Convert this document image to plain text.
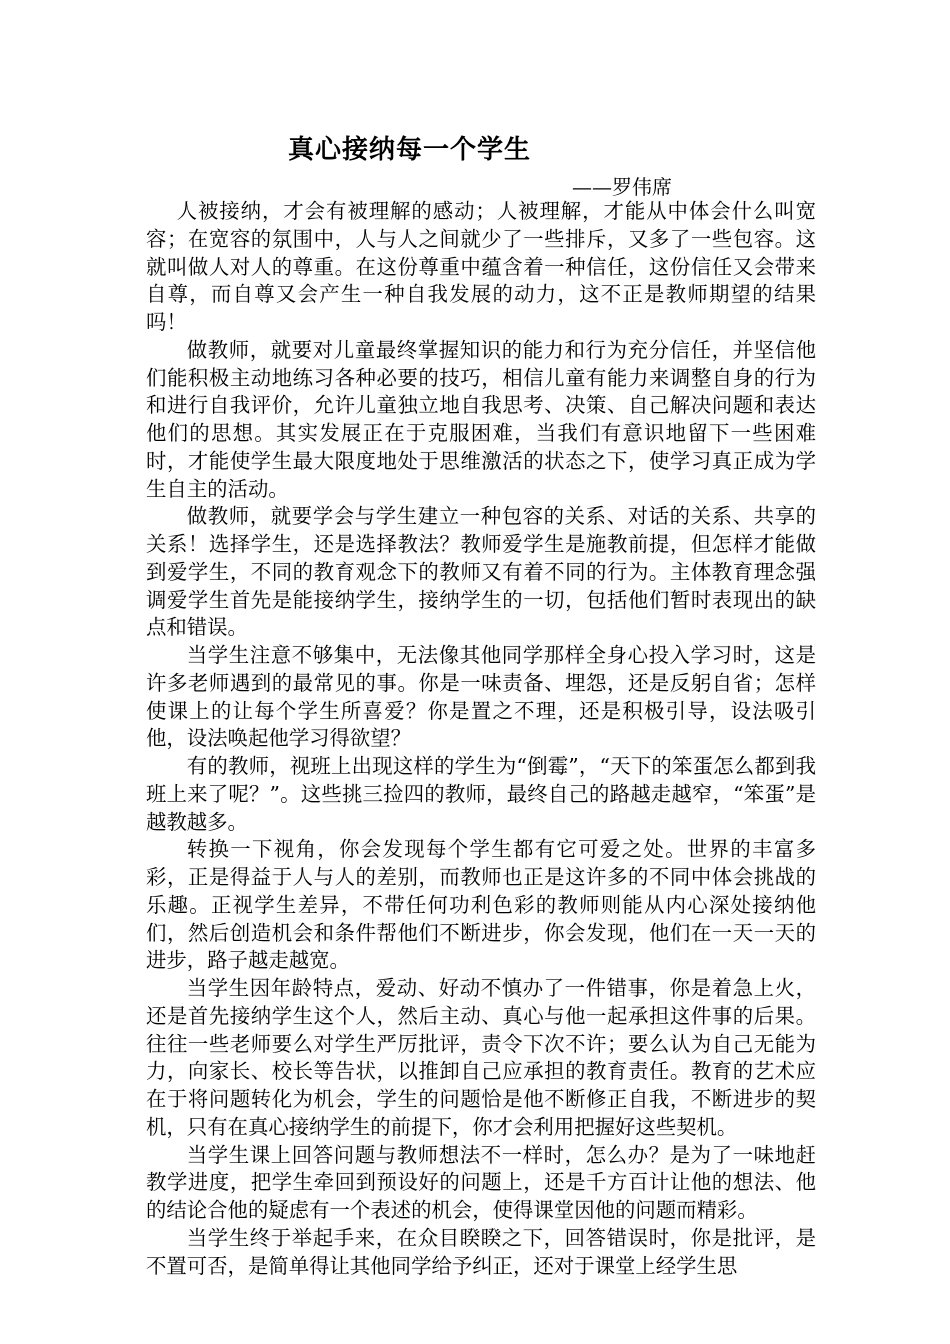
真心接纳每一个学生
——罗伟席

人被接纳，才会有被理解的感动；人被理解，才能从中体会什么叫宽容；在宽容的氛围中，人与人之间就少了一些排斥，又多了一些包容。这就叫做人对人的尊重。在这份尊重中蕴含着一种信任，这份信任又会带来自尊，而自尊又会产生一种自我发展的动力，这不正是教师期望的结果吗！

做教师，就要对儿童最终掌握知识的能力和行为充分信任，并坚信他们能积极主动地练习各种必要的技巧，相信儿童有能力来调整自身的行为和进行自我评价，允许儿童独立地自我思考、决策、自己解决问题和表达他们的思想。其实发展正在于克服困难，当我们有意识地留下一些困难时，才能使学生最大限度地处于思维激活的状态之下，使学习真正成为学生自主的活动。

做教师，就要学会与学生建立一种包容的关系、对话的关系、共享的关系！选择学生，还是选择教法？教师爱学生是施教前提，但怎样才能做到爱学生，不同的教育观念下的教师又有着不同的行为。主体教育理念强调爱学生首先是能接纳学生，接纳学生的一切，包括他们暂时表现出的缺点和错误。

当学生注意不够集中，无法像其他同学那样全身心投入学习时，这是许多老师遇到的最常见的事。你是一味责备、埋怨，还是反躬自省；怎样使课上的让每个学生所喜爱？你是置之不理，还是积极引导，设法吸引他，设法唤起他学习得欲望？

有的教师，视班上出现这样的学生为“倒霉”，“天下的笨蛋怎么都到我班上来了呢？”。这些挑三捡四的教师，最终自己的路越走越窄，“笨蛋”是越教越多。

转换一下视角，你会发现每个学生都有它可爱之处。世界的丰富多彩，正是得益于人与人的差别，而教师也正是这许多的不同中体会挑战的乐趣。正视学生差异，不带任何功利色彩的教师则能从内心深处接纳他们，然后创造机会和条件帮他们不断进步，你会发现，他们在一天一天的进步，路子越走越宽。

当学生因年龄特点，爱动、好动不慎办了一件错事，你是着急上火，还是首先接纳学生这个人，然后主动、真心与他一起承担这件事的后果。往往一些老师要么对学生严厉批评，责令下次不许；要么认为自己无能为力，向家长、校长等告状，以推卸自己应承担的教育责任。教育的艺术应在于将问题转化为机会，学生的问题恰是他不断修正自我，不断进步的契机，只有在真心接纳学生的前提下，你才会利用把握好这些契机。

当学生课上回答问题与教师想法不一样时，怎么办？是为了一味地赶教学进度，把学生牵回到预设好的问题上，还是千方百计让他的想法、他的结论合他的疑虑有一个表述的机会，使得课堂因他的问题而精彩。

当学生终于举起手来，在众目睽睽之下，回答错误时，你是批评，是不置可否，是简单得让其他同学给予纠正，还对于课堂上经学生思
